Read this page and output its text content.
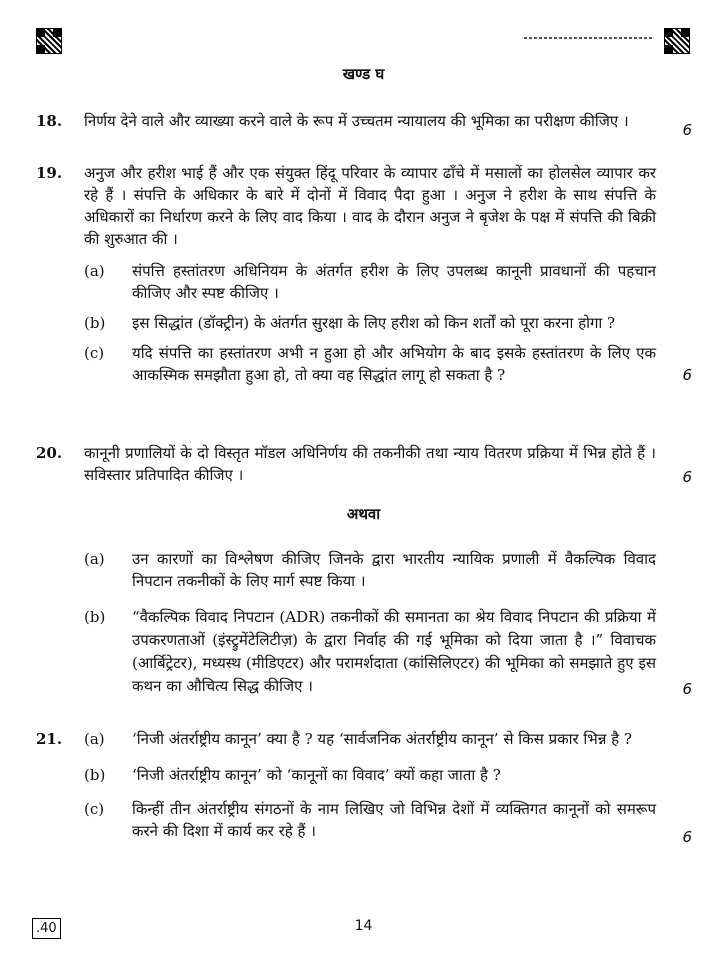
खण्ड घ
18. निर्णय देने वाले और व्याख्या करने वाले के रूप में उच्चतम न्यायालय की भूमिका का परीक्षण कीजिए ।	6
19. अनुज और हरीश भाई हैं और एक संयुक्त हिंदू परिवार के व्यापार ढाँचे में मसालों का होलसेल व्यापार कर रहे हैं । संपत्ति के अधिकार के बारे में दोनों में विवाद पैदा हुआ । अनुज ने हरीश के साथ संपत्ति के अधिकारों का निर्धारण करने के लिए वाद किया । वाद के दौरान अनुज ने बृजेश के पक्ष में संपत्ति की बिक्री की शुरुआत की ।
(a) संपत्ति हस्तांतरण अधिनियम के अंतर्गत हरीश के लिए उपलब्ध कानूनी प्रावधानों की पहचान कीजिए और स्पष्ट कीजिए ।
(b) इस सिद्धांत (डॉक्ट्रीन) के अंतर्गत सुरक्षा के लिए हरीश को किन शर्तों को पूरा करना होगा ?
(c) यदि संपत्ति का हस्तांतरण अभी न हुआ हो और अभियोग के बाद इसके हस्तांतरण के लिए एक आकस्मिक समझौता हुआ हो, तो क्या वह सिद्धांत लागू हो सकता है ?	6
20. कानूनी प्रणालियों के दो विस्तृत मॉडल अधिनिर्णय की तकनीकी तथा न्याय वितरण प्रक्रिया में भिन्न होते हैं । सविस्तार प्रतिपादित कीजिए ।	6
अथवा
(a) उन कारणों का विश्लेषण कीजिए जिनके द्वारा भारतीय न्यायिक प्रणाली में वैकल्पिक विवाद निपटान तकनीकों के लिए मार्ग स्पष्ट किया ।
(b) “वैकल्पिक विवाद निपटान (ADR) तकनीकों की समानता का श्रेय विवाद निपटान की प्रक्रिया में उपकरणताओं (इंस्ट्रुमेंटेलिटीज़) के द्वारा निर्वाह की गई भूमिका को दिया जाता है ।” विवाचक (आर्बिट्रेटर), मध्यस्थ (मीडिएटर) और परामर्शदाता (कांसिलिएटर) की भूमिका को समझाते हुए इस कथन का औचित्य सिद्ध कीजिए ।	6
21. (a) ‘निजी अंतर्राष्ट्रीय कानून’ क्या है ? यह ‘सार्वजनिक अंतर्राष्ट्रीय कानून’ से किस प्रकार भिन्न है ?
(b) ‘निजी अंतर्राष्ट्रीय कानून’ को ‘कानूनों का विवाद’ क्यों कहा जाता है ?
(c) किन्हीं तीन अंतर्राष्ट्रीय संगठनों के नाम लिखिए जो विभिन्न देशों में व्यक्तिगत कानूनों को समरूप करने की दिशा में कार्य कर रहे हैं ।	6
.40	14
